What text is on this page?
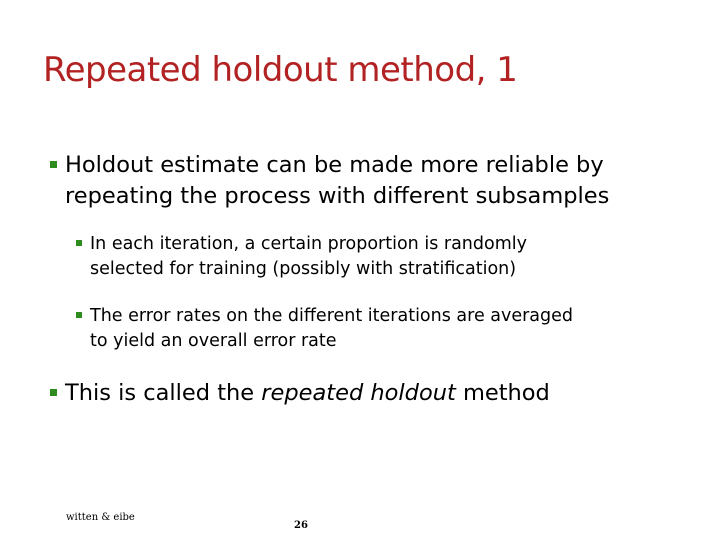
Repeated holdout method, 1
Holdout estimate can be made more reliable by
repeating the process with different subsamples
In each iteration, a certain proportion is randomly
selected for training (possibly with stratification)
The error rates on the different iterations are averaged
to yield an overall error rate
This is called the repeated holdout method
witten & eibe
26
